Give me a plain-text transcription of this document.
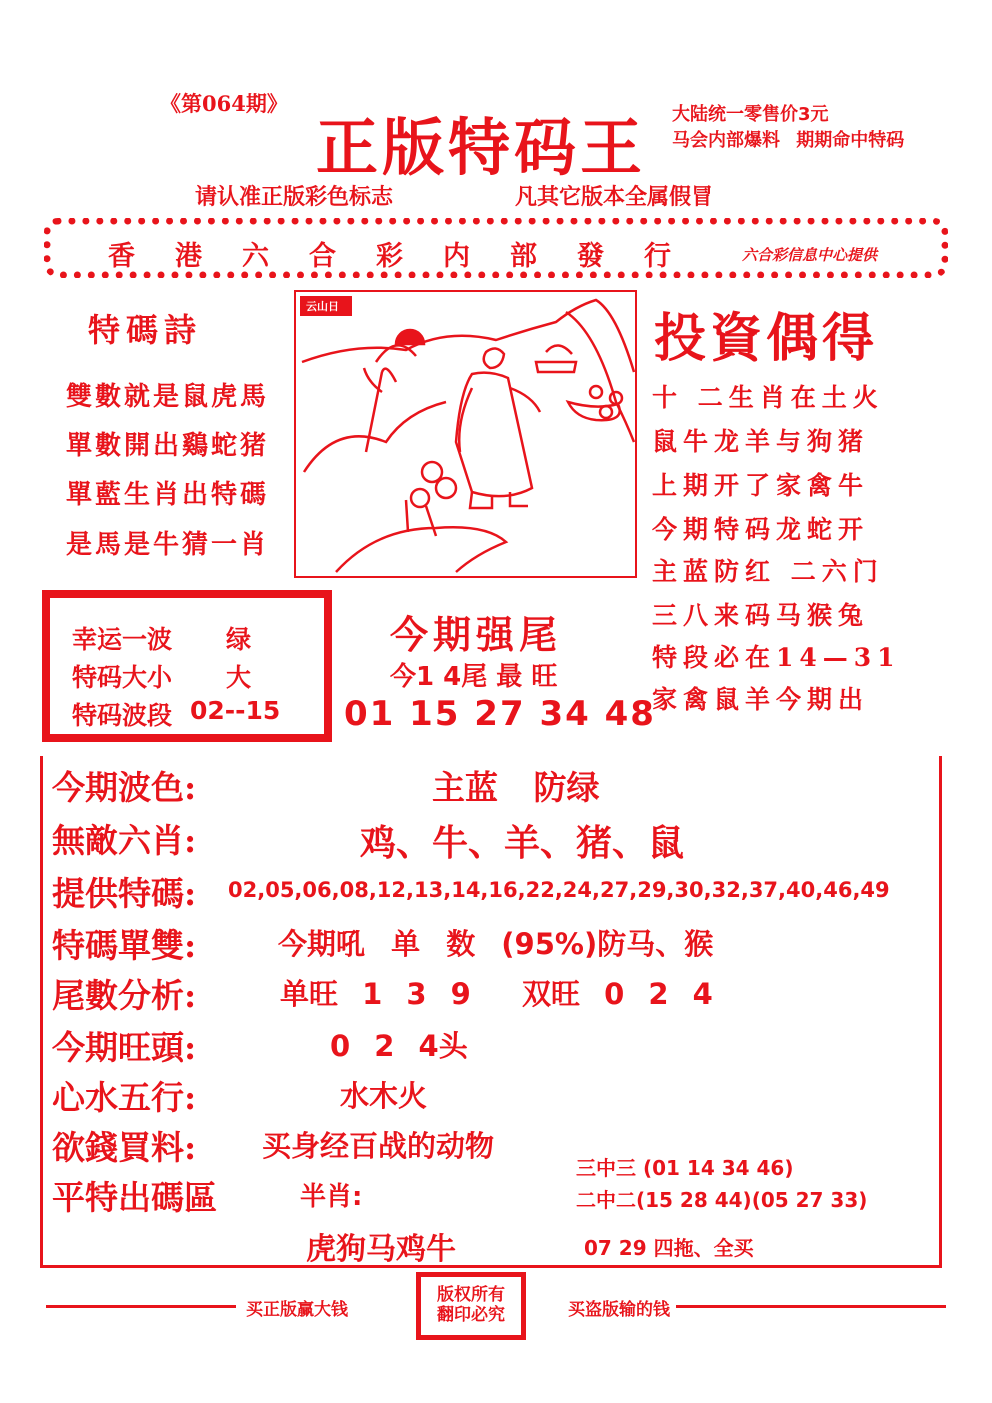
《第064期》
正版特码王 大陆统一零售价3元
马会内部爆料 期期命中特码
请认准正版彩色标志	凡其它版本全属假冒
香港六合彩内部發行 六合彩信息中心提供
特碼詩
雙數就是鼠虎馬
單數開出鷄蛇猪
單藍生肖出特碼
是馬是牛猜一肖
云山日
投資偶得
十 二生肖在土火
鼠牛龙羊与狗猪
上期开了家禽牛
今期特码龙蛇开
主蓝防红 二六门
三八来码马猴兔
特段必在14—31
家禽鼠羊今期出
幸运一波 绿
特码大小 大
特码波段 02--15
今期强尾
今1 4尾 最 旺
01 15 27 34 48
今期波色:	主蓝 防绿
無敵六肖:	鸡、牛、羊、猪、鼠
提供特碼: 02,05,06,08,12,13,14,16,22,24,27,29,30,32,37,40,46,49
特碼單雙:	今期吼 单 数 (95%)防马、猴
尾數分析:	单旺 1 3 9 双旺 0 2 4
今期旺頭:	0 2 4头
心水五行:	水木火
欲錢買料: 买身经百战的动物
平特出碼區	半肖:
虎狗马鸡牛
三中三 (01 14 34 46)
二中二(15 28 44)(05 27 33)
07 29 四拖、全买
买正版赢大钱
版权所有
翻印必究	买盗版输的钱
